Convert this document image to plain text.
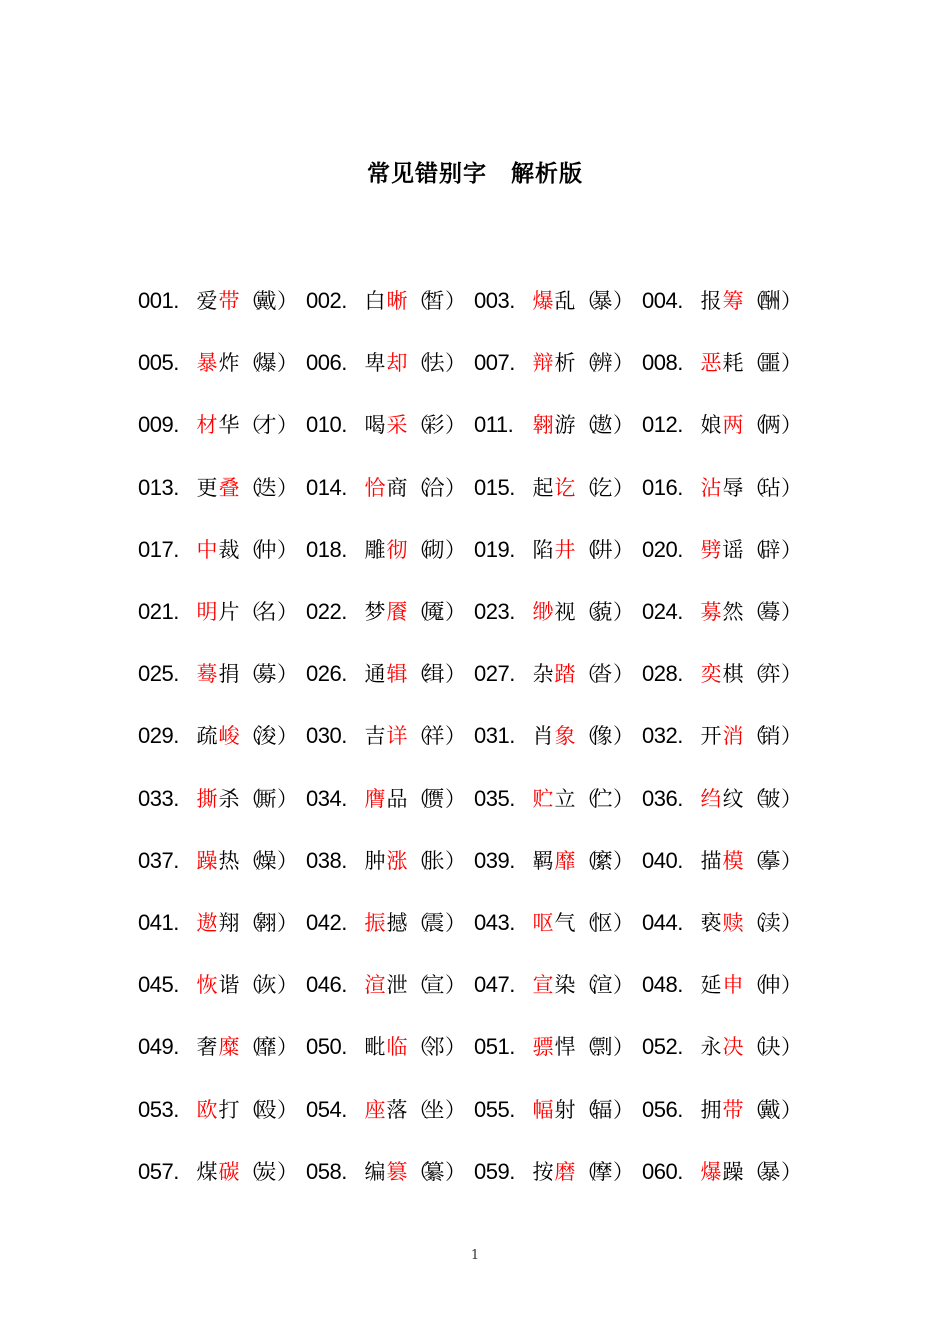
常见错别字　解析版
001. 爱 带 （
戴 ） 002. 白 晰 （
皙 ） 003. 爆 乱 （
暴 ） 004. 报 筹 （
酬 ）
005. 暴 炸 （
爆 ） 006. 卑 却 （
怯 ） 007. 辩 析 （
辨 ） 008. 恶 耗 （
噩 ）
009. 材 华 （
才 ） 010. 喝 采 （
彩 ） 011. 翱 游 （
遨 ） 012. 娘 两 （
俩 ）
013. 更 叠 （
迭 ） 014. 恰 商 （
洽 ） 015. 起 讫 （
讫 ） 016. 沾 辱 （
玷 ）
017. 中 裁 （
仲 ） 018. 雕 彻 （
砌 ） 019. 陷 井 （
阱 ） 020. 劈 谣 （
辟 ）
021. 明 片 （
名 ） 022. 梦 餍 （
魇 ） 023. 缈 视 （
藐 ） 024. 募 然 （
蓦 ）
025. 蓦 捐 （
募 ） 026. 通 辑 （
缉 ） 027. 杂 踏 （
沓 ） 028. 奕 棋 （
弈 ）
029. 疏 峻 （
浚 ） 030. 吉 详 （
祥 ） 031. 肖 象 （
像 ） 032. 开 消 （
销 ）
033. 撕 杀 （
厮 ） 034. 膺 品 （
赝 ） 035. 贮 立 （
伫 ） 036. 绉 纹 （
皱 ）
037. 躁 热 （
燥 ） 038. 肿 涨 （
胀 ） 039. 羁 靡 （
縻 ） 040. 描 模 （
摹 ）
041. 遨 翔 （
翱 ） 042. 振 撼 （
震 ） 043. 呕 气 （
怄 ） 044. 亵 赎 （
渎 ）
045. 恢 谐 （
诙 ） 046. 渲 泄 （
宣 ） 047. 宣 染 （
渲 ） 048. 延 申 （
伸 ）
049. 奢 糜 （
靡 ） 050. 毗 临 （
邻 ） 051. 骠 悍 （
剽 ） 052. 永 决 （
诀 ）
053. 欧 打 （
殴 ） 054. 座 落 （
坐 ） 055. 幅 射 （
辐 ） 056. 拥 带 （
戴 ）
057. 煤 碳 （
炭 ） 058. 编 篡 （
纂 ） 059. 按 磨 （
摩 ） 060. 爆 躁 （
暴 ）
1
